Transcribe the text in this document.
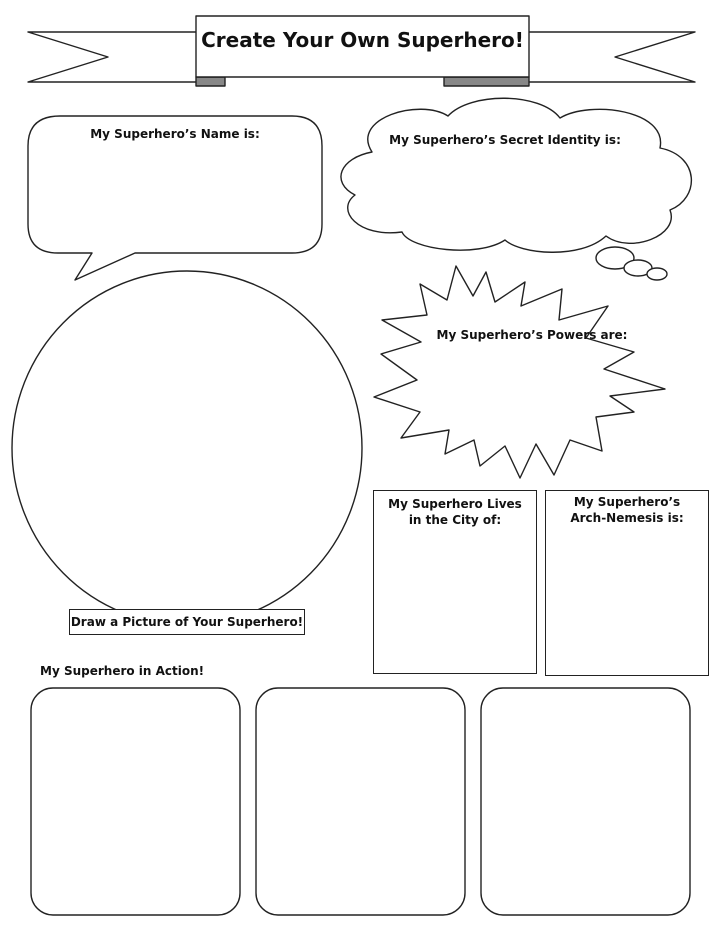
Create Your Own Superhero!
My Superhero’s Name is:	My Superhero’s Secret Identity is:
My Superhero’s Powers are:
Draw a Picture of Your Superhero!
My Superhero Lives in the City of:
My Superhero’s Arch-Nemesis is:
My Superhero in Action!
